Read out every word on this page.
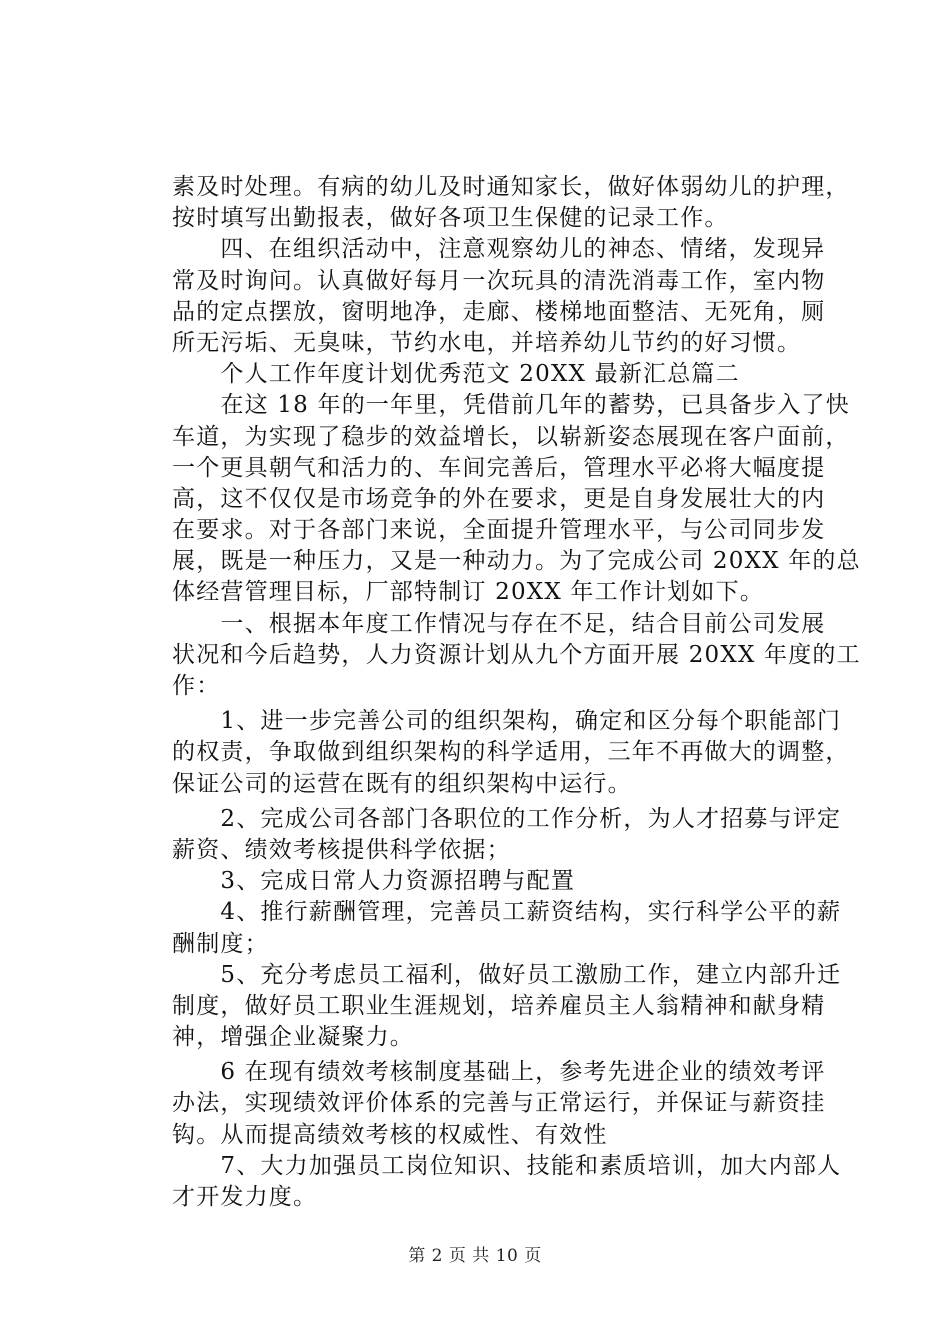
素及时处理。有病的幼儿及时通知家长，做好体弱幼儿的护理，
按时填写出勤报表，做好各项卫生保健的记录工作。
　　四、在组织活动中，注意观察幼儿的神态、情绪，发现异
常及时询问。认真做好每月一次玩具的清洗消毒工作，室内物
品的定点摆放，窗明地净，走廊、楼梯地面整洁、无死角，厕
所无污垢、无臭味，节约水电，并培养幼儿节约的好习惯。
　　个人工作年度计划优秀范文 20XX 最新汇总篇二
　　在这 18 年的一年里，凭借前几年的蓄势，已具备步入了快
车道，为实现了稳步的效益增长，以崭新姿态展现在客户面前，
一个更具朝气和活力的、车间完善后，管理水平必将大幅度提
高，这不仅仅是市场竞争的外在要求，更是自身发展壮大的内
在要求。对于各部门来说，全面提升管理水平，与公司同步发
展，既是一种压力，又是一种动力。为了完成公司 20XX 年的总
体经营管理目标，厂部特制订 20XX 年工作计划如下。
　　一、根据本年度工作情况与存在不足，结合目前公司发展
状况和今后趋势，人力资源计划从九个方面开展 20XX 年度的工
作：
　　1、进一步完善公司的组织架构，确定和区分每个职能部门
的权责，争取做到组织架构的科学适用，三年不再做大的调整，
保证公司的运营在既有的组织架构中运行。
　　2、完成公司各部门各职位的工作分析，为人才招募与评定
薪资、绩效考核提供科学依据；
　　3、完成日常人力资源招聘与配置
　　4、推行薪酬管理，完善员工薪资结构，实行科学公平的薪
酬制度；
　　5、充分考虑员工福利，做好员工激励工作，建立内部升迁
制度，做好员工职业生涯规划，培养雇员主人翁精神和献身精
神，增强企业凝聚力。
　　6 在现有绩效考核制度基础上，参考先进企业的绩效考评
办法，实现绩效评价体系的完善与正常运行，并保证与薪资挂
钩。从而提高绩效考核的权威性、有效性
　　7、大力加强员工岗位知识、技能和素质培训，加大内部人
才开发力度。
第 2 页 共 10 页
